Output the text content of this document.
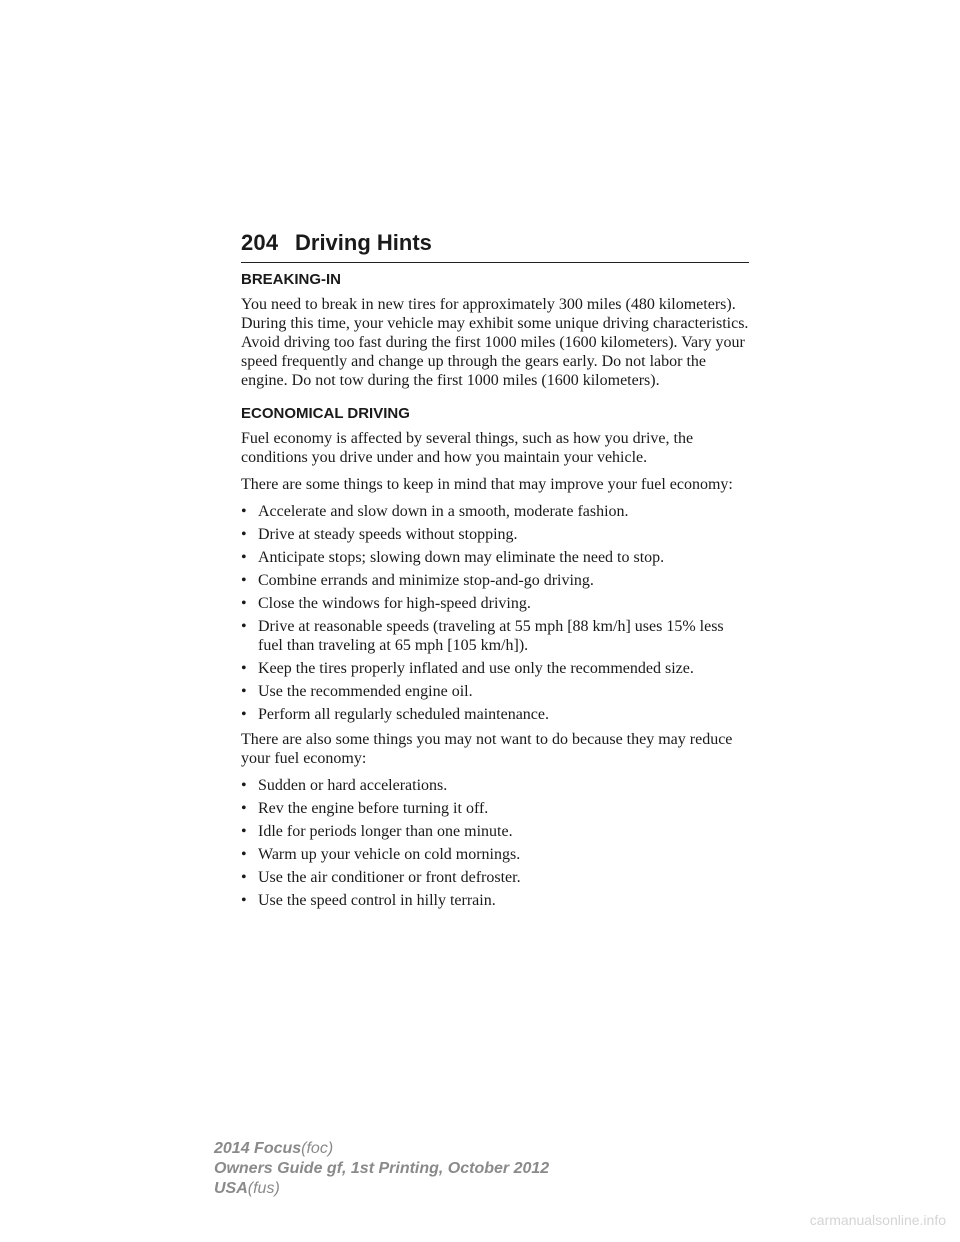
204 Driving Hints
BREAKING-IN

You need to break in new tires for approximately 300 miles (480 kilometers). During this time, your vehicle may exhibit some unique driving characteristics. Avoid driving too fast during the first 1000 miles (1600 kilometers). Vary your speed frequently and change up through the gears early. Do not labor the engine. Do not tow during the first 1000 miles (1600 kilometers).

ECONOMICAL DRIVING

Fuel economy is affected by several things, such as how you drive, the conditions you drive under and how you maintain your vehicle.

There are some things to keep in mind that may improve your fuel economy:

• Accelerate and slow down in a smooth, moderate fashion.
• Drive at steady speeds without stopping.
• Anticipate stops; slowing down may eliminate the need to stop.
• Combine errands and minimize stop-and-go driving.
• Close the windows for high-speed driving.
• Drive at reasonable speeds (traveling at 55 mph [88 km/h] uses 15% less fuel than traveling at 65 mph [105 km/h]).
• Keep the tires properly inflated and use only the recommended size.
• Use the recommended engine oil.
• Perform all regularly scheduled maintenance.

There are also some things you may not want to do because they may reduce your fuel economy:

• Sudden or hard accelerations.
• Rev the engine before turning it off.
• Idle for periods longer than one minute.
• Warm up your vehicle on cold mornings.
• Use the air conditioner or front defroster.
• Use the speed control in hilly terrain.
2014 Focus(foc)
Owners Guide gf, 1st Printing, October 2012
USA(fus)
carmanualsonline.info
